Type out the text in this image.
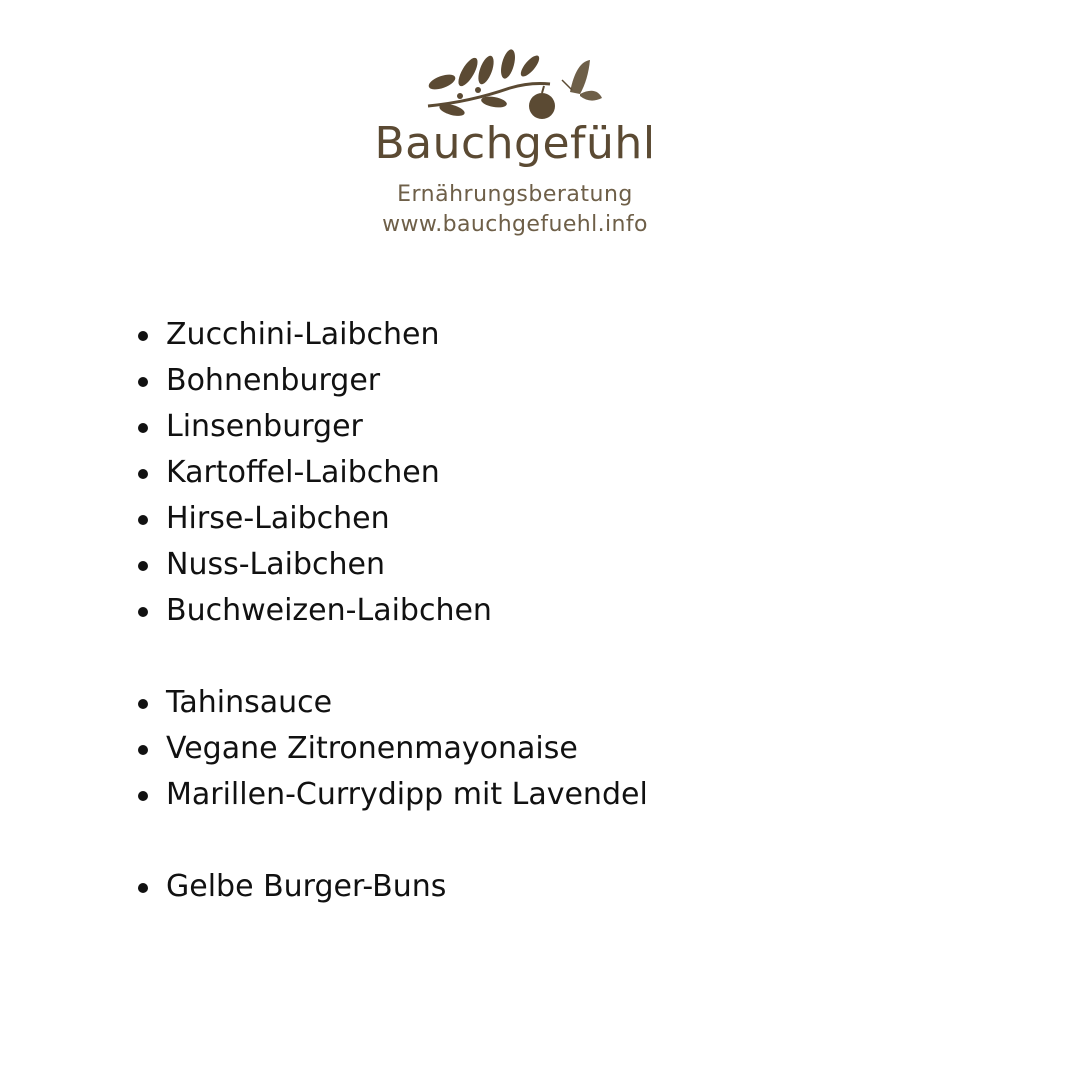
Bauchgefühl
Ernährungsberatung
www.bauchgefuehl.info
Zucchini-Laibchen
Bohnenburger
Linsenburger
Kartoffel-Laibchen
Hirse-Laibchen
Nuss-Laibchen
Buchweizen-Laibchen
Tahinsauce
Vegane Zitronenmayonaise
Marillen-Currydipp mit Lavendel
Gelbe Burger-Buns
